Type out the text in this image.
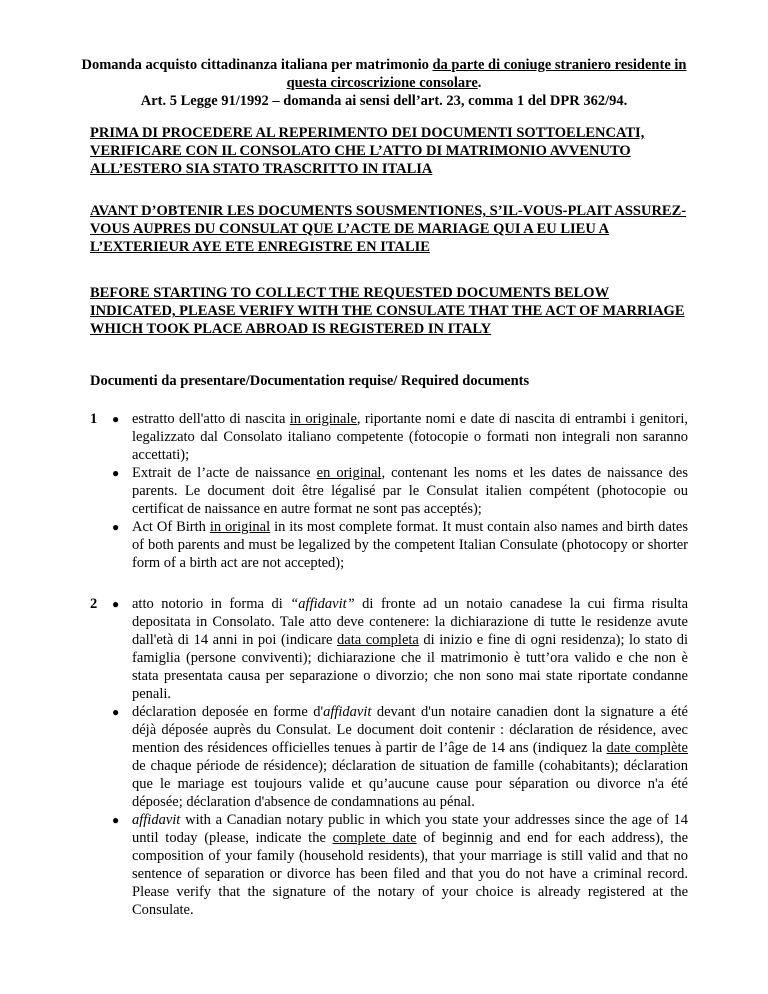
Domanda acquisto cittadinanza italiana per matrimonio da parte di coniuge straniero residente in questa circoscrizione consolare.
Art. 5 Legge 91/1992 – domanda ai sensi dell’art. 23, comma 1 del DPR 362/94.
PRIMA DI PROCEDERE AL REPERIMENTO DEI DOCUMENTI SOTTOELENCATI, VERIFICARE CON IL CONSOLATO CHE L’ATTO DI MATRIMONIO AVVENUTO ALL’ESTERO SIA STATO TRASCRITTO IN ITALIA
AVANT D’OBTENIR LES DOCUMENTS SOUSMENTIONES, S’IL-VOUS-PLAIT ASSUREZ-VOUS AUPRES DU CONSULAT QUE L’ACTE DE MARIAGE QUI A EU LIEU A L’EXTERIEUR AYE ETE ENREGISTRE EN ITALIE
BEFORE STARTING TO COLLECT THE REQUESTED DOCUMENTS BELOW INDICATED, PLEASE VERIFY WITH THE CONSULATE THAT THE ACT OF MARRIAGE WHICH TOOK PLACE ABROAD IS REGISTERED IN ITALY
Documenti da presentare/Documentation requise/ Required documents
1 ● estratto dell'atto di nascita in originale, riportante nomi e date di nascita di entrambi i genitori, legalizzato dal Consolato italiano competente (fotocopie o formati non integrali non saranno accettati);
● Extrait de l’acte de naissance en original, contenant les noms et les dates de naissance des parents. Le document doit être légalisé par le Consulat italien compétent (photocopie ou certificat de naissance en autre format ne sont pas acceptés);
● Act Of Birth in original in its most complete format. It must contain also names and birth dates of both parents and must be legalized by the competent Italian Consulate (photocopy or shorter form of a birth act are not accepted);
2 ● atto notorio in forma di “affidavit” di fronte ad un notaio canadese la cui firma risulta depositata in Consolato. Tale atto deve contenere: la dichiarazione di tutte le residenze avute dall'età di 14 anni in poi (indicare data completa di inizio e fine di ogni residenza); lo stato di famiglia (persone conviventi); dichiarazione che il matrimonio è tutt’ora valido e che non è stata presentata causa per separazione o divorzio; che non sono mai state riportate condanne penali.
● déclaration deposée en forme d'affidavit devant d'un notaire canadien dont la signature a été déjà déposée auprès du Consulat. Le document doit contenir : déclaration de résidence, avec mention des résidences officielles tenues à partir de l’âge de 14 ans (indiquez la date complète de chaque période de résidence); déclaration de situation de famille (cohabitants); déclaration que le mariage est toujours valide et qu’aucune cause pour séparation ou divorce n'a été déposée; déclaration d'absence de condamnations au pénal.
● affidavit with a Canadian notary public in which you state your addresses since the age of 14 until today (please, indicate the complete date of beginnig and end for each address), the composition of your family (household residents), that your marriage is still valid and that no sentence of separation or divorce has been filed and that you do not have a criminal record. Please verify that the signature of the notary of your choice is already registered at the Consulate.
